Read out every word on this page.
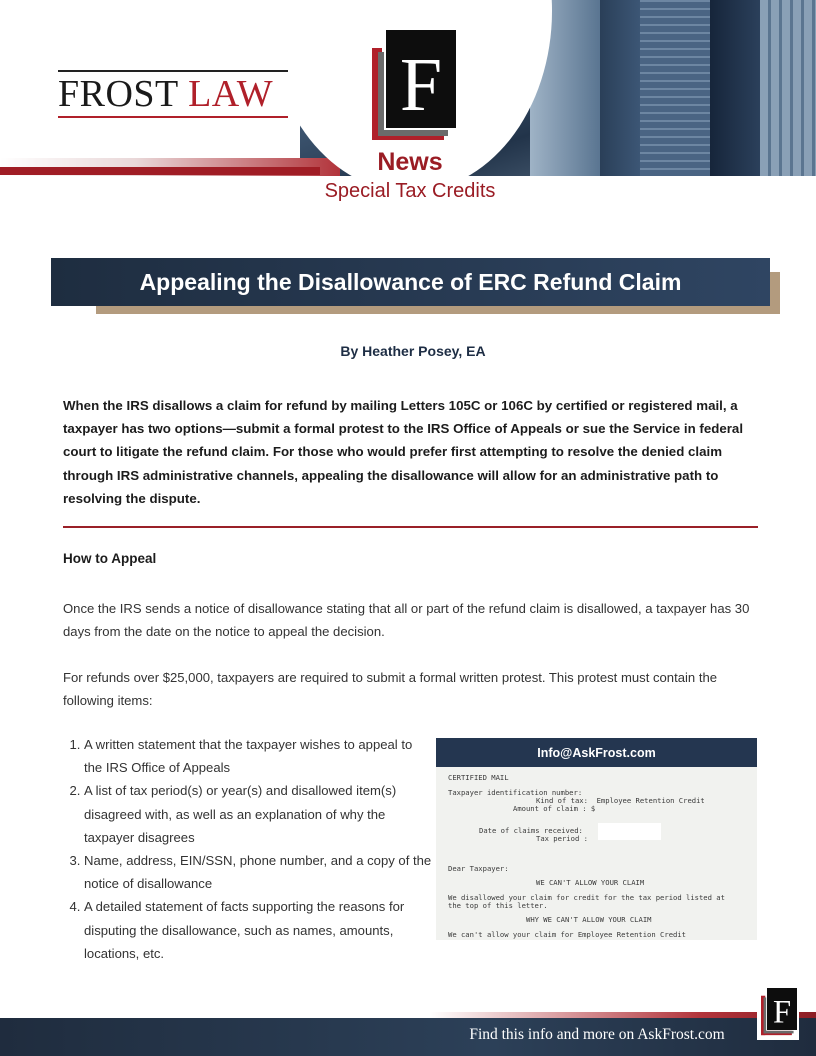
FROST LAW F
News
Special Tax Credits
Appealing the Disallowance of ERC Refund Claim
By Heather Posey, EA
When the IRS disallows a claim for refund by mailing Letters 105C or 106C by certified or registered mail, a taxpayer has two options—submit a formal protest to the IRS Office of Appeals or sue the Service in federal court to litigate the refund claim. For those who would prefer first attempting to resolve the denied claim through IRS administrative channels, appealing the disallowance will allow for an administrative path to resolving the dispute.
How to Appeal
Once the IRS sends a notice of disallowance stating that all or part of the refund claim is disallowed, a taxpayer has 30 days from the date on the notice to appeal the decision.
For refunds over $25,000, taxpayers are required to submit a formal written protest. This protest must contain the following items:
1. A written statement that the taxpayer wishes to appeal to the IRS Office of Appeals
2. A list of tax period(s) or year(s) and disallowed item(s) disagreed with, as well as an explanation of why the taxpayer disagrees
3. Name, address, EIN/SSN, phone number, and a copy of the notice of disallowance
4. A detailed statement of facts supporting the reasons for disputing the disallowance, such as names, amounts, locations, etc.
Info@AskFrost.com
CERTIFIED MAIL
Taxpayer identification number:
Kind of tax:  Employee Retention Credit
Amount of claim : $
Date of claims received:
Tax period :
Dear Taxpayer:
WE CAN'T ALLOW YOUR CLAIM
We disallowed your claim for credit for the tax period listed at
the top of this letter.
WHY WE CAN'T ALLOW YOUR CLAIM
We can't allow your claim for Employee Retention Credit
Find this info and more on AskFrost.com
F
